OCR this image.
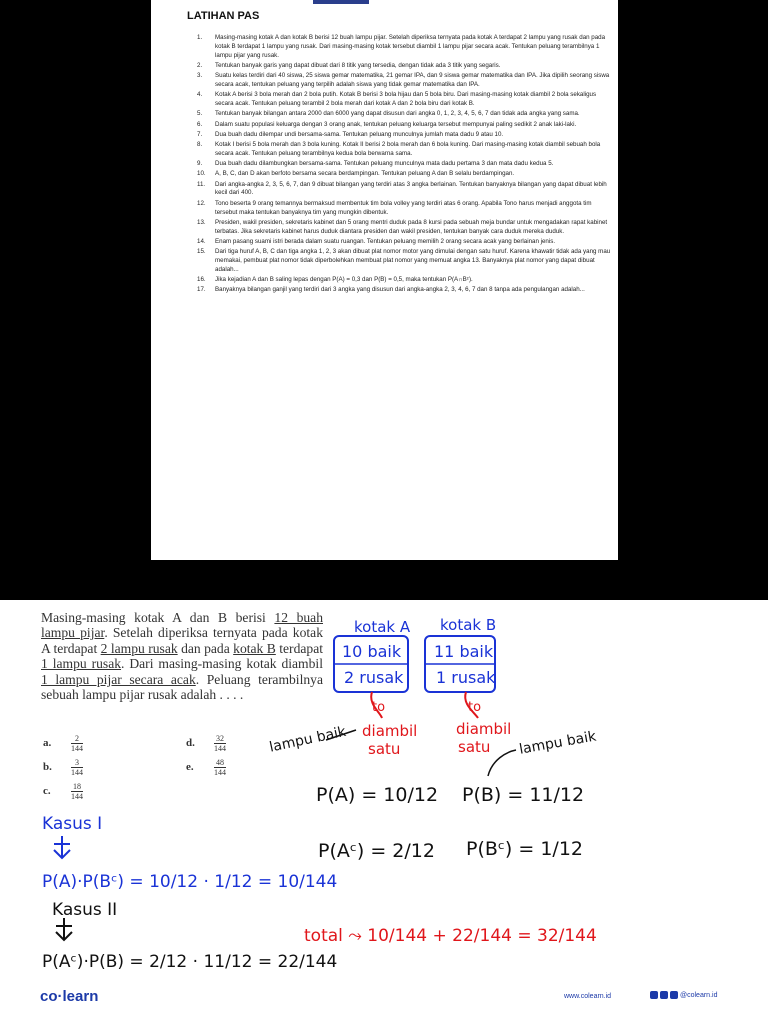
LATIHAN PAS
1. Masing-masing kotak A dan kotak B berisi 12 buah lampu pijar. Setelah diperiksa ternyata pada kotak A terdapat 2 lampu yang rusak dan pada kotak B terdapat 1 lampu yang rusak. Dari masing-masing kotak tersebut diambil 1 lampu pijar secara acak. Tentukan peluang terambilnya 1 lampu pijar yang rusak.
2. Tentukan banyak garis yang dapat dibuat dari 8 titik yang tersedia, dengan tidak ada 3 titik yang segaris.
3. Suatu kelas terdiri dari 40 siswa, 25 siswa gemar matematika, 21 gemar IPA, dan 9 siswa gemar matematika dan IPA. Jika dipilih seorang siswa secara acak, tentukan peluang yang terpilih adalah siswa yang tidak gemar matematika dan IPA.
4. Kotak A berisi 3 bola merah dan 2 bola putih. Kotak B berisi 3 bola hijau dan 5 bola biru. Dari masing-masing kotak diambil 2 bola sekaligus secara acak. Tentukan peluang terambil 2 bola merah dari kotak A dan 2 bola biru dari kotak B.
5. Tentukan banyak bilangan antara 2000 dan 6000 yang dapat disusun dari angka 0, 1, 2, 3, 4, 5, 6, 7 dan tidak ada angka yang sama.
6. Dalam suatu populasi keluarga dengan 3 orang anak, tentukan peluang keluarga tersebut mempunyai paling sedikit 2 anak laki-laki.
7. Dua buah dadu dilempar undi bersama-sama. Tentukan peluang munculnya jumlah mata dadu 9 atau 10.
8. Kotak I berisi 5 bola merah dan 3 bola kuning. Kotak II berisi 2 bola merah dan 6 bola kuning. Dari masing-masing kotak diambil sebuah bola secara acak. Tentukan peluang terambilnya kedua bola berwarna sama.
9. Dua buah dadu dilambungkan bersama-sama. Tentukan peluang munculnya mata dadu pertama 3 dan mata dadu kedua 5.
10. A, B, C, dan D akan berfoto bersama secara berdampingan. Tentukan peluang A dan B selalu berdampingan.
11. Dari angka-angka 2, 3, 5, 6, 7, dan 9 dibuat bilangan yang terdiri atas 3 angka berlainan. Tentukan banyaknya bilangan yang dapat dibuat lebih kecil dari 400.
12. Tono beserta 9 orang temannya bermaksud membentuk tim bola volley yang terdiri atas 6 orang. Apabila Tono harus menjadi anggota tim tersebut maka tentukan banyaknya tim yang mungkin dibentuk.
13. Presiden, wakil presiden, sekretaris kabinet dan 5 orang mentri duduk pada 8 kursi pada sebuah meja bundar untuk mengadakan rapat kabinet terbatas. Jika sekretaris kabinet harus duduk diantara presiden dan wakil presiden, tentukan banyak cara duduk mereka duduk.
14. Enam pasang suami istri berada dalam suatu ruangan. Tentukan peluang memilih 2 orang secara acak yang berlainan jenis.
15. Dari tiga huruf A, B, C dan tiga angka 1, 2, 3 akan dibuat plat nomor motor yang dimulai dengan satu huruf. Karena khawatir tidak ada yang mau memakai, pembuat plat nomor tidak diperbolehkan membuat plat nomor yang memuat angka 13. Banyaknya plat nomor yang dapat dibuat adalah...
16. Jika kejadian A dan B saling lepas dengan P(A) = 0,3 dan P(B) = 0,5, maka tentukan P(A∩Bᶜ).
17. Banyaknya bilangan ganjil yang terdiri dari 3 angka yang disusun dari angka-angka 2, 3, 4, 6, 7 dan 8 tanpa ada pengulangan adalah...

Masing-masing kotak A dan B berisi 12 buah lampu pijar. Setelah diperiksa ternyata pada kotak A terdapat 2 lampu rusak dan pada kotak B terdapat 1 lampu rusak. Dari masing-masing kotak diambil 1 lampu pijar secara acak. Peluang terambilnya sebuah lampu pijar rusak adalah . . . .

a. $\frac{2}{144}$
b. $\frac{3}{144}$
c.	$\frac{18}{144}$
d. $\frac{32}{144}$
e.	$\frac{48}{144}$
kotak A kotak B
10 baik
2 rusak
11 baik
1 rusak
to	to
diambil	diambil
satu	satu
lampu baik	lampu baik
P(A) = 10/12 P(B) = 11/12
P(Aᶜ) = 2/12 P(Bᶜ) = 1/12
Kasus I
P(A)·P(Bᶜ) = 10/12 · 1/12 = 10/144
Kasus II
P(Aᶜ)·P(B) = 2/12 · 11/12 = 22/144
total ⤳ 10/144 + 22/144 = 32/144
co·learn	www.colearn.id	@colearn.id
